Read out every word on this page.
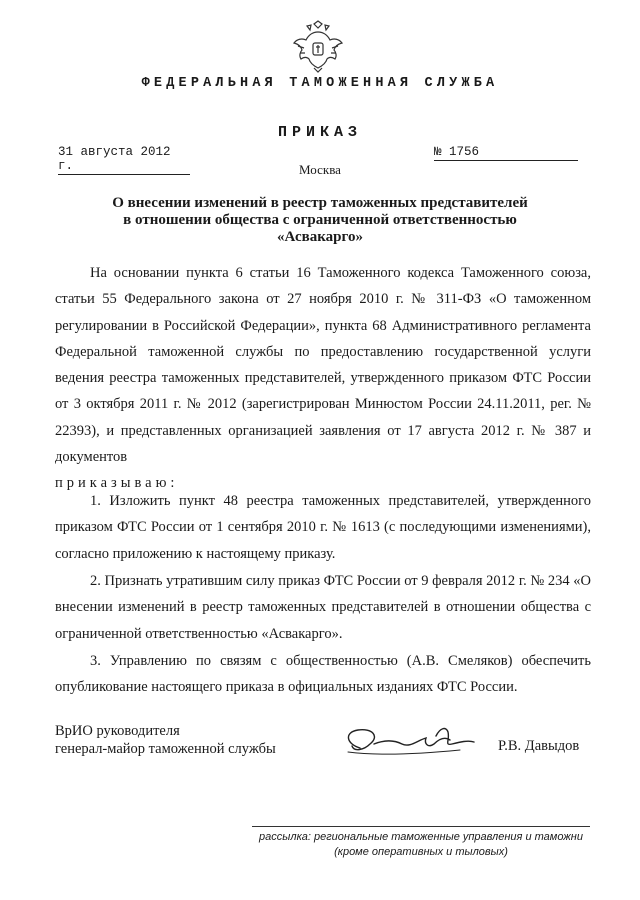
ФЕДЕРАЛЬНАЯ ТАМОЖЕННАЯ СЛУЖБА
ПРИКАЗ
31 августа 2012 г.
№ 1756
Москва
О внесении изменений в реестр таможенных представителей
в отношении общества с ограниченной ответственностью
«Асвакарго»
На основании пункта 6 статьи 16 Таможенного кодекса Таможенного союза, статьи 55 Федерального закона от 27 ноября 2010 г. № 311-ФЗ «О таможенном регулировании в Российской Федерации», пункта 68 Административного регламента Федеральной таможенной службы по предоставлению государственной услуги ведения реестра таможенных представителей, утвержденного приказом ФТС России от 3 октября 2011 г. № 2012 (зарегистрирован Минюстом России 24.11.2011, рег. № 22393), и представленных организацией заявления от 17 августа 2012 г. № 387 и документов
приказываю:
1. Изложить пункт 48 реестра таможенных представителей, утвержденного приказом ФТС России от 1 сентября 2010 г. № 1613 (с последующими изменениями), согласно приложению к настоящему приказу.
2. Признать утратившим силу приказ ФТС России от 9 февраля 2012 г. № 234 «О внесении изменений в реестр таможенных представителей в отношении общества с ограниченной ответственностью «Асвакарго».
3. Управлению по связям с общественностью (А.В. Смеляков) обеспечить опубликование настоящего приказа в официальных изданиях ФТС России.
ВрИО руководителя
генерал-майор таможенной службы	Р.В. Давыдов
рассылка: региональные таможенные управления и таможни
(кроме оперативных и тыловых)
